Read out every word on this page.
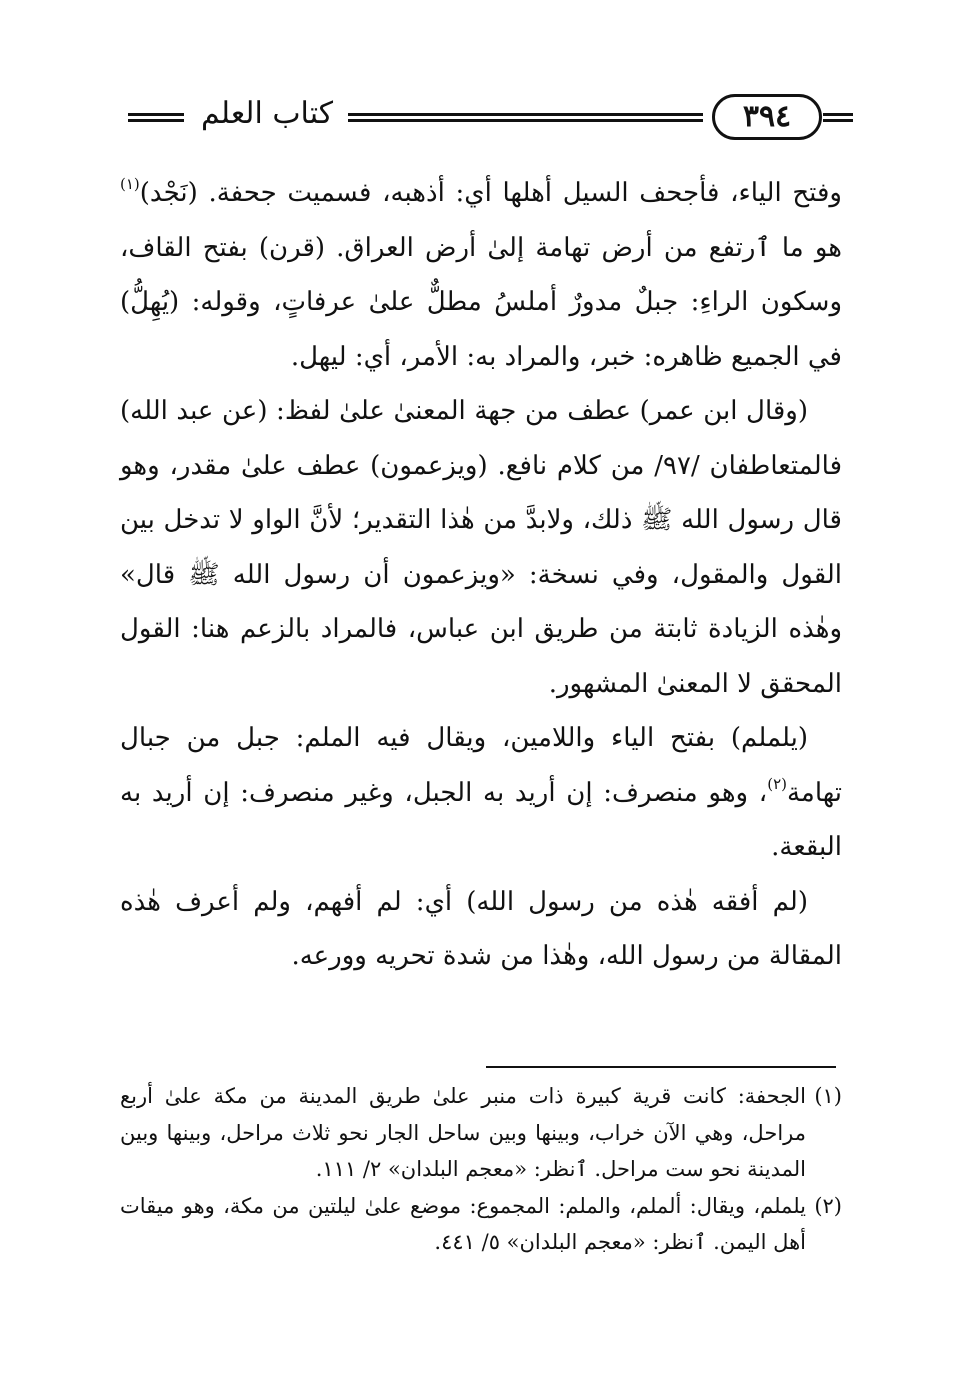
كتاب العلم	٣٩٤

وفتح الياء، فأجحف السيل أهلها أي: أذهبه، فسميت جحفة. (نَجْد)$^{(١)}$ هو ما ٱرتفع من أرض تهامة إلىٰ أرض العراق. (قرن) بفتح القاف، وسكون الراءِ: جبلٌ مدورٌ أملسُ مطلٌّ علىٰ عرفاتٍ، وقوله: (يُهِلُّ) في الجميع ظاهره: خبر، والمراد به: الأمر، أي: ليهل.

(وقال ابن عمر) عطف من جهة المعنىٰ علىٰ لفظ: (عن عبد الله) فالمتعاطفان /٩٧/ من كلام نافع. (ويزعمون) عطف علىٰ مقدر، وهو قال رسول الله ﷺ ذلك، ولابدَّ من هٰذا التقدير؛ لأنَّ الواو لا تدخل بين القول والمقول، وفي نسخة: «ويزعمون أن رسول الله ﷺ قال» وهٰذه الزيادة ثابتة من طريق ابن عباس، فالمراد بالزعم هنا: القول المحقق لا المعنىٰ المشهور.

(يلملم) بفتح الياء واللامين، ويقال فيه الملم: جبل من جبال تهامة$^{(٢)}$، وهو منصرف: إن أريد به الجبل، وغير منصرف: إن أريد به البقعة.

(لم أفقه هٰذه من رسول الله) أي: لم أفهم، ولم أعرف هٰذه المقالة من رسول الله، وهٰذا من شدة تحريه وورعه.

(١)
الجحفة: كانت قرية كبيرة ذات منبر علىٰ طريق المدينة من مكة علىٰ أربع مراحل، وهي الآن خراب، وبينها وبين ساحل الجار نحو ثلاث مراحل، وبينها وبين المدينة نحو ست مراحل. ٱنظر: «معجم البلدان» ٢/ ١١١.

(٢)
يلملم، ويقال: ألملم، والملم: المجموع: موضع علىٰ ليلتين من مكة، وهو ميقات أهل اليمن. ٱنظر: «معجم البلدان» ٥/ ٤٤١.
